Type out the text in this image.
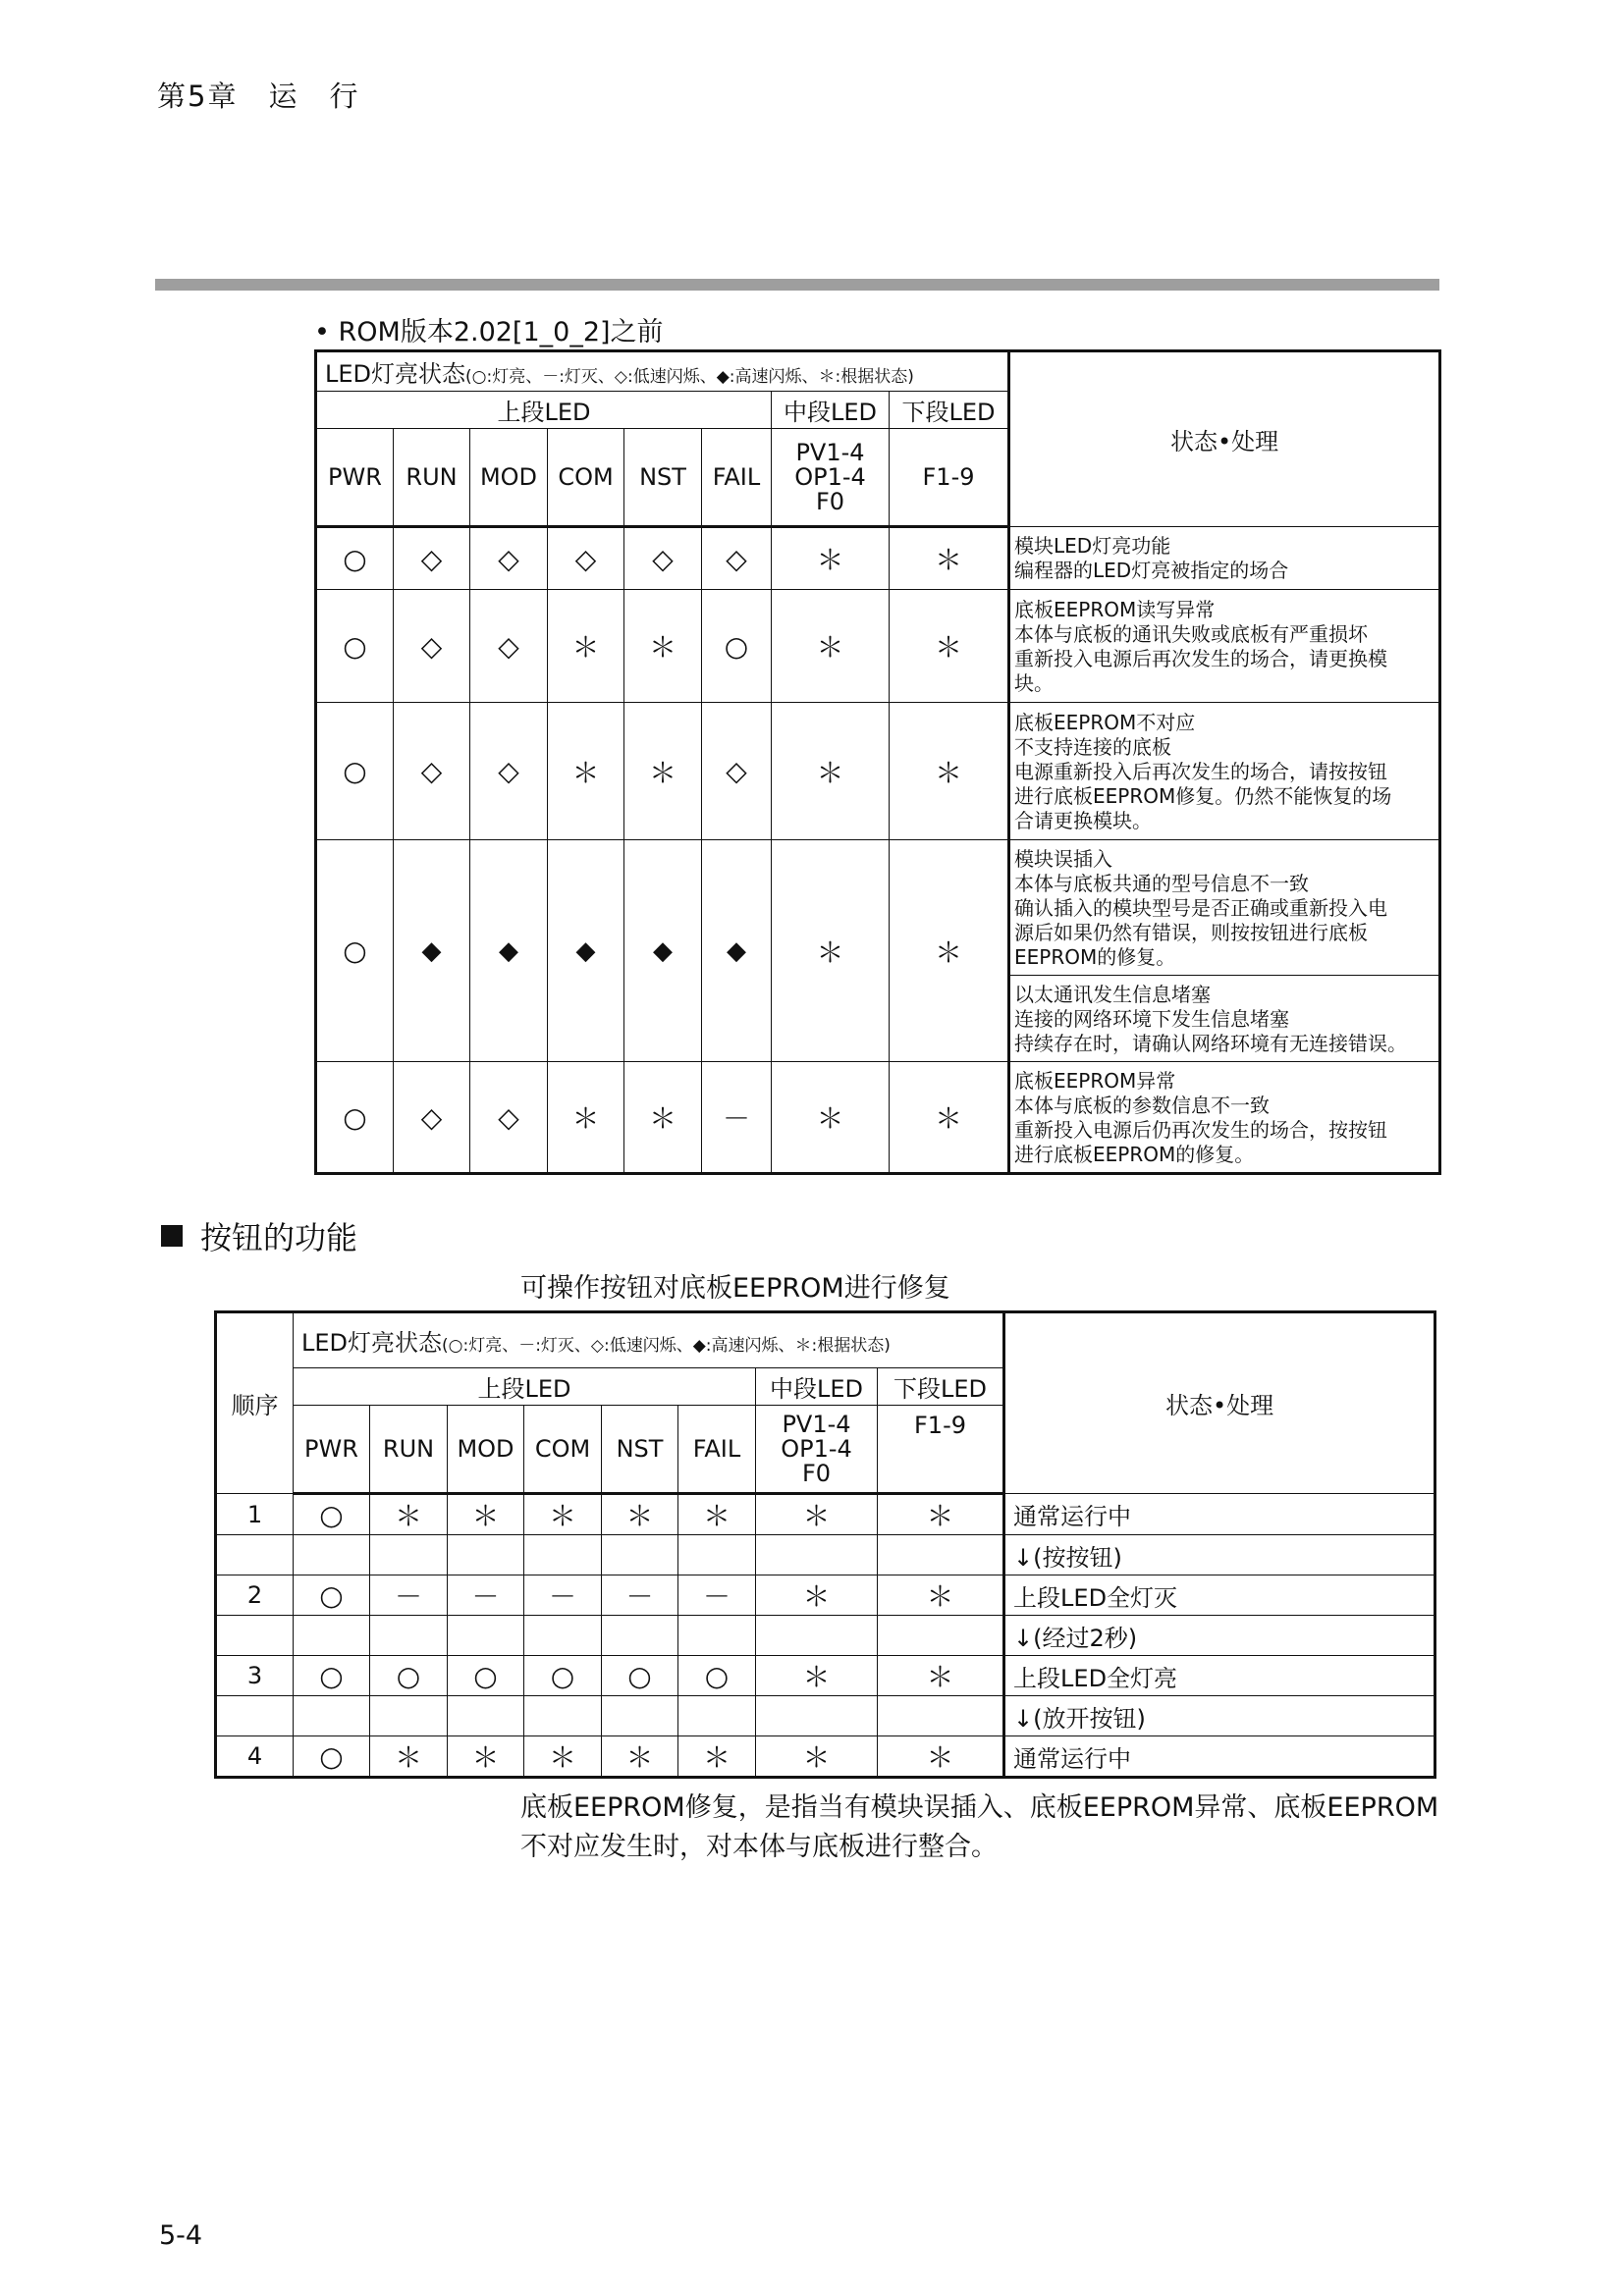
第5章　运　行
• ROM版本2.02[1_0_2]之前
LED灯亮状态(○:灯亮、－:灯灭、◇:低速闪烁、◆:高速闪烁、＊:根据状态)								状态•处理
上段LED						中段LED	下段LED	
PWR	RUN	MOD	COM	NST	FAIL	PV1-4
OP1-4
F0	F1-9	
○	◇	◇	◇	◇	◇	＊	＊	模块LED灯亮功能
编程器的LED灯亮被指定的场合

○	◇	◇	＊	＊	○	＊	＊	底板EEPROM读写异常
本体与底板的通讯失败或底板有严重损坏
重新投入电源后再次发生的场合，请更换模
块。

○	◇	◇	＊	＊	◇	＊	＊	底板EEPROM不对应
不支持连接的底板
电源重新投入后再次发生的场合，请按按钮
进行底板EEPROM修复。仍然不能恢复的场
合请更换模块。

○	◆	◆	◆	◆	◆	＊	＊	模块误插入
本体与底板共通的型号信息不一致
确认插入的模块型号是否正确或重新投入电
源后如果仍然有错误，则按按钮进行底板
EEPROM的修复。

								以太通讯发生信息堵塞
连接的网络环境下发生信息堵塞
持续存在时，请确认网络环境有无连接错误。

○	◇	◇	＊	＊	－	＊	＊	底板EEPROM异常
本体与底板的参数信息不一致
重新投入电源后仍再次发生的场合，按按钮
进行底板EEPROM的修复。
按钮的功能
可操作按钮对底板EEPROM进行修复
顺序	LED灯亮状态(○:灯亮、－:灯灭、◇:低速闪烁、◆:高速闪烁、＊:根据状态)								状态•处理
	上段LED						中段LED	下段LED	
	PWR	RUN	MOD	COM	NST	FAIL	PV1-4
OP1-4
F0	F1-9	
1	○	＊	＊	＊	＊	＊	＊	＊	通常运行中
									↓(按按钮)
2	○	－	－	－	－	－	＊	＊	上段LED全灯灭
									↓(经过2秒)
3	○	○	○	○	○	○	＊	＊	上段LED全灯亮
									↓(放开按钮)
4	○	＊	＊	＊	＊	＊	＊	＊	通常运行中
底板EEPROM修复，是指当有模块误插入、底板EEPROM异常、底板EEPROM不对应发生时，对本体与底板进行整合。
5-4
